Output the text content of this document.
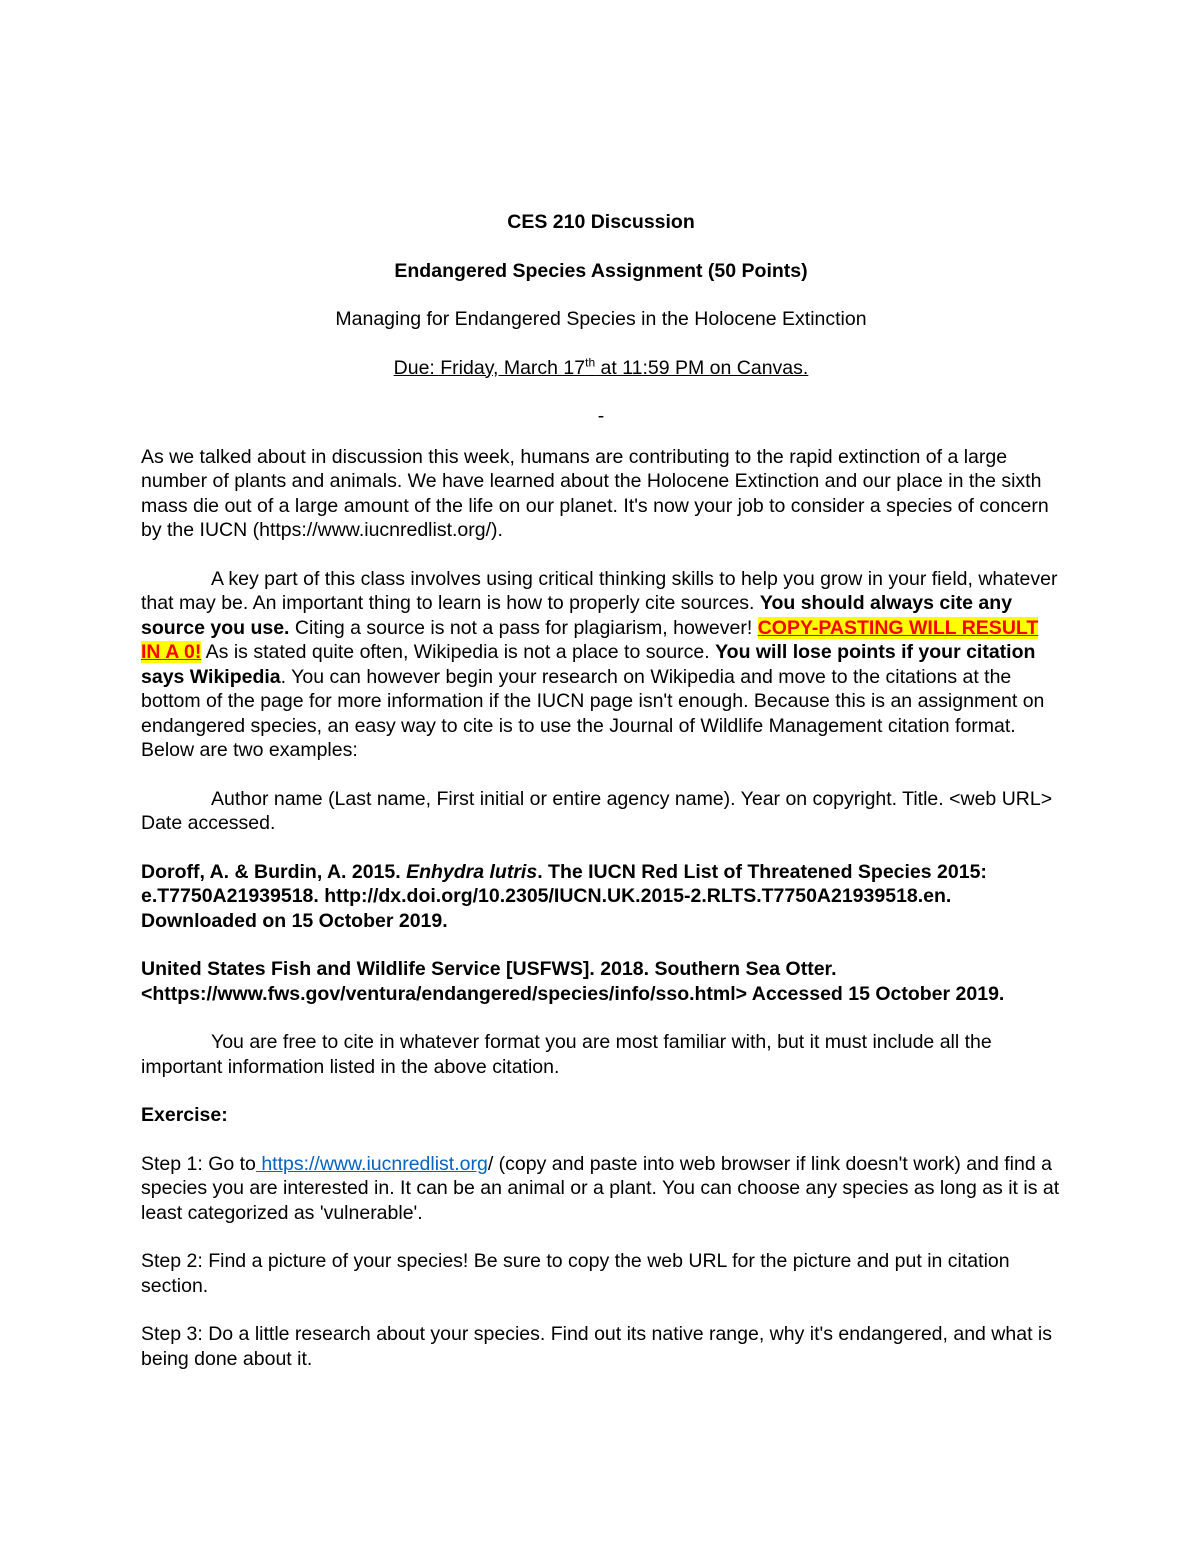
CES 210 Discussion

Endangered Species Assignment (50 Points)

Managing for Endangered Species in the Holocene Extinction

Due: Friday, March 17th at 11:59 PM on Canvas.

-

As we talked about in discussion this week, humans are contributing to the rapid extinction of a large number of plants and animals. We have learned about the Holocene Extinction and our place in the sixth mass die out of a large amount of the life on our planet. It's now your job to consider a species of concern by the IUCN (https://www.iucnredlist.org/).

A key part of this class involves using critical thinking skills to help you grow in your field, whatever that may be. An important thing to learn is how to properly cite sources. You should always cite any source you use. Citing a source is not a pass for plagiarism, however! COPY-PASTING WILL RESULT IN A 0! As is stated quite often, Wikipedia is not a place to source. You will lose points if your citation says Wikipedia. You can however begin your research on Wikipedia and move to the citations at the bottom of the page for more information if the IUCN page isn't enough. Because this is an assignment on endangered species, an easy way to cite is to use the Journal of Wildlife Management citation format. Below are two examples:

Author name (Last name, First initial or entire agency name). Year on copyright. Title. <web URL> Date accessed.

Doroff, A. & Burdin, A. 2015. Enhydra lutris. The IUCN Red List of Threatened Species 2015: e.T7750A21939518. http://dx.doi.org/10.2305/IUCN.UK.2015-2.RLTS.T7750A21939518.en. Downloaded on 15 October 2019.

United States Fish and Wildlife Service [USFWS]. 2018. Southern Sea Otter. <https://www.fws.gov/ventura/endangered/species/info/sso.html> Accessed 15 October 2019.

You are free to cite in whatever format you are most familiar with, but it must include all the important information listed in the above citation.

Exercise:

Step 1: Go to https://www.iucnredlist.org/ (copy and paste into web browser if link doesn't work) and find a species you are interested in. It can be an animal or a plant. You can choose any species as long as it is at least categorized as 'vulnerable'.

Step 2: Find a picture of your species! Be sure to copy the web URL for the picture and put in citation section.

Step 3: Do a little research about your species. Find out its native range, why it's endangered, and what is being done about it.
